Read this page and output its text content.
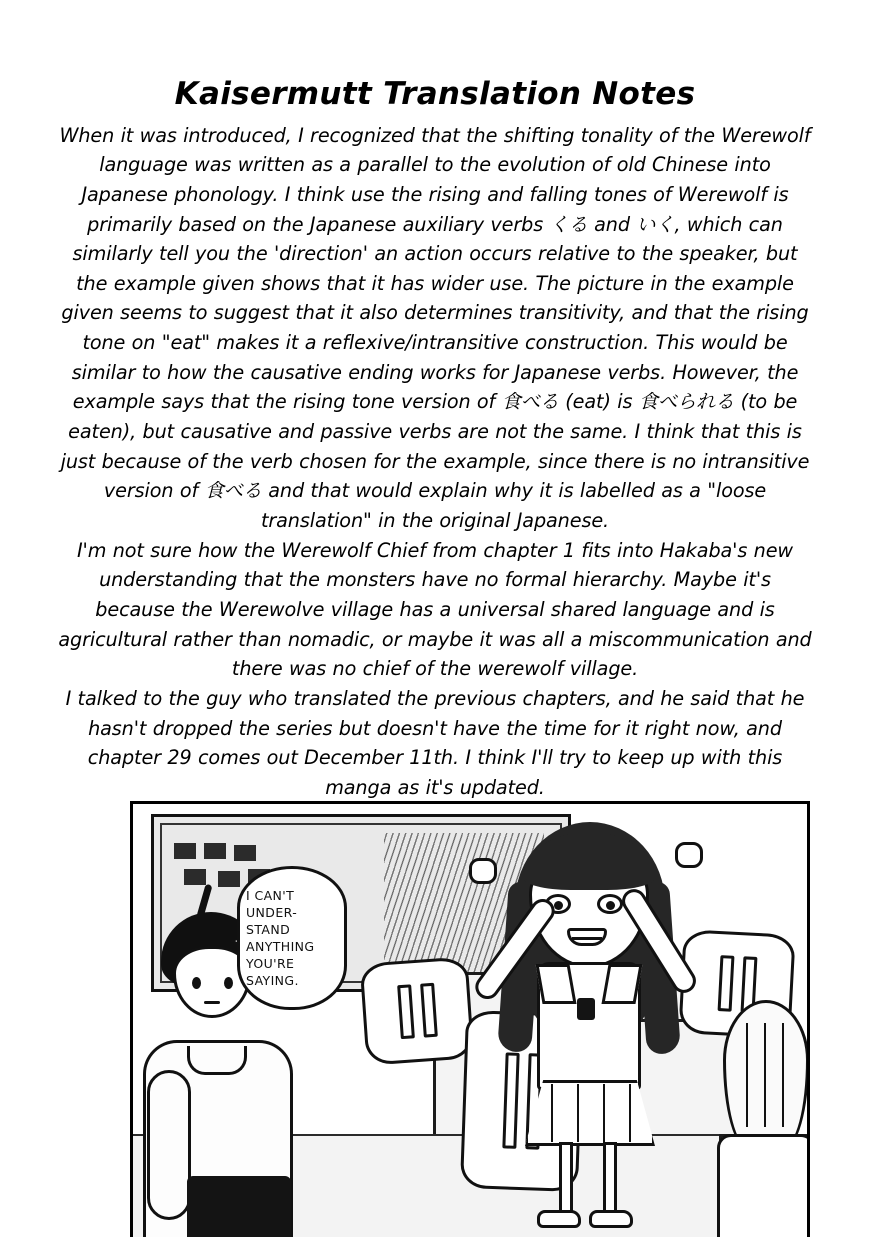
Kaisermutt Translation Notes

When it was introduced, I recognized that the shifting tonality of the Werewolf language was written as a parallel to the evolution of old Chinese into Japanese phonology. I think use the rising and falling tones of Werewolf is primarily based on the Japanese auxiliary verbs くる and いく, which can similarly tell you the 'direction' an action occurs relative to the speaker, but the example given shows that it has wider use. The picture in the example given seems to suggest that it also determines transitivity, and that the rising tone on "eat" makes it a reflexive/intransitive construction. This would be similar to how the causative ending works for Japanese verbs. However, the example says that the rising tone version of 食べる (eat) is 食べられる (to be eaten), but causative and passive verbs are not the same. I think that this is just because of the verb chosen for the example, since there is no intransitive version of 食べる and that would explain why it is labelled as a "loose translation" in the original Japanese.

I'm not sure how the Werewolf Chief from chapter 1 fits into Hakaba's new understanding that the monsters have no formal hierarchy. Maybe it's because the Werewolve village has a universal shared language and is agricultural rather than nomadic, or maybe it was all a miscommunication and there was no chief of the werewolf village.

I talked to the guy who translated the previous chapters, and he said that he hasn't dropped the series but doesn't have the time for it right now, and chapter 29 comes out December 11th. I think I'll try to keep up with this manga as it's updated.

I CAN'T UNDER- STAND ANYTHING YOU'RE SAYING.
